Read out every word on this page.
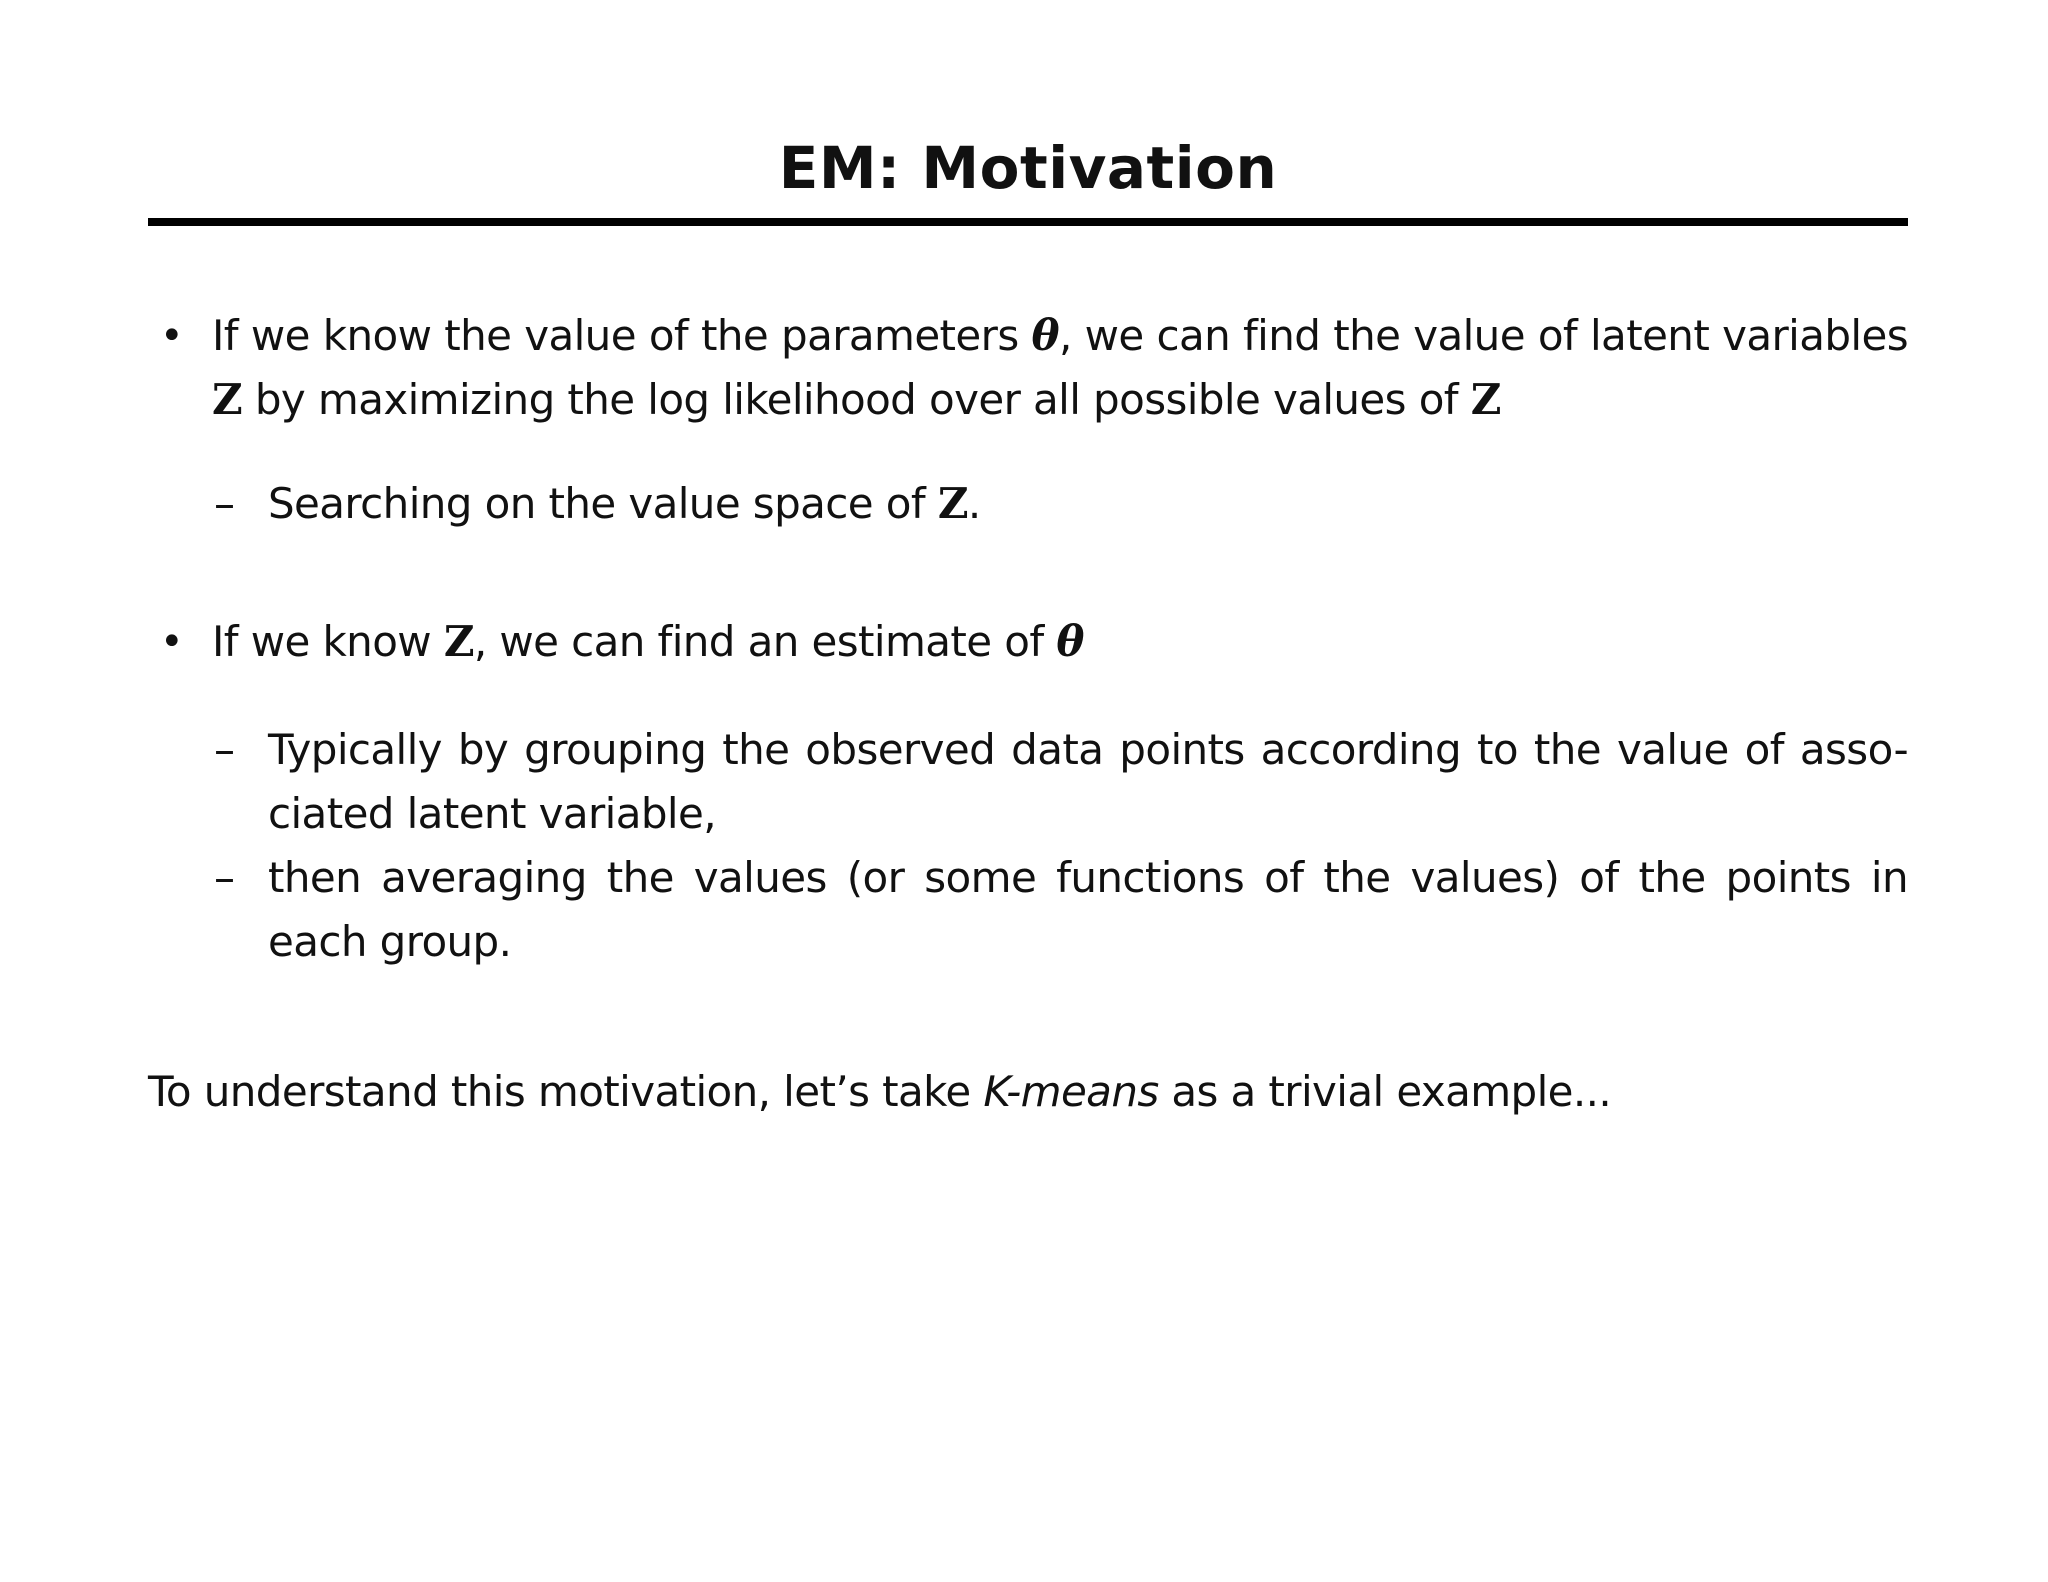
EM: Motivation
• If we know the value of the parameters θ, we can find the value of latent variables
Z by maximizing the log likelihood over all possible values of Z
– Searching on the value space of Z.
• If we know Z, we can find an estimate of θ
– Typically by grouping the observed data points according to the value of asso-
ciated latent variable,
– then averaging the values (or some functions of the values) of the points in
each group.
To understand this motivation, let’s take K-means as a trivial example...
